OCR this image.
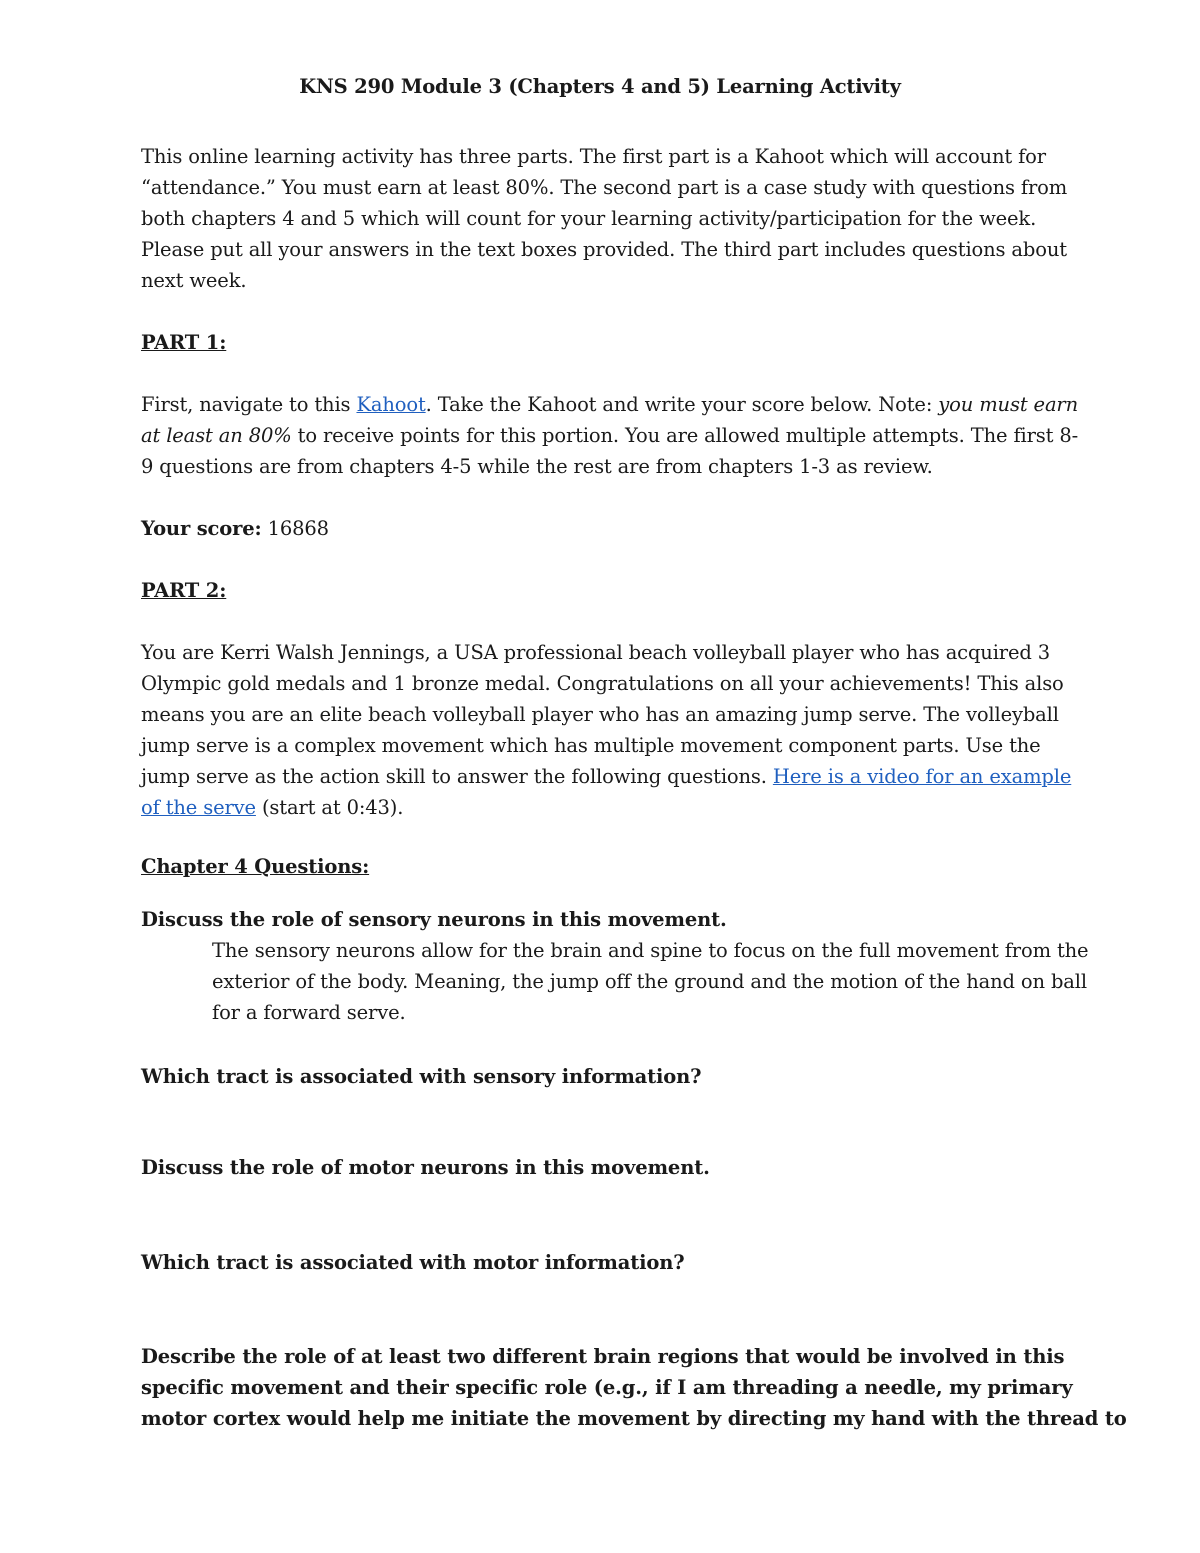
KNS 290 Module 3 (Chapters 4 and 5) Learning Activity

This online learning activity has three parts. The first part is a Kahoot which will account for

“attendance.” You must earn at least 80%. The second part is a case study with questions from

both chapters 4 and 5 which will count for your learning activity/participation for the week.

Please put all your answers in the text boxes provided. The third part includes questions about

next week.

PART 1:

First, navigate to this Kahoot. Take the Kahoot and write your score below. Note: you must earn

at least an 80% to receive points for this portion. You are allowed multiple attempts. The first 8-

9 questions are from chapters 4-5 while the rest are from chapters 1-3 as review.

Your score: 16868

PART 2:

You are Kerri Walsh Jennings, a USA professional beach volleyball player who has acquired 3

Olympic gold medals and 1 bronze medal. Congratulations on all your achievements! This also

means you are an elite beach volleyball player who has an amazing jump serve. The volleyball

jump serve is a complex movement which has multiple movement component parts. Use the

jump serve as the action skill to answer the following questions. Here is a video for an example

of the serve (start at 0:43).

Chapter 4 Questions:

Discuss the role of sensory neurons in this movement.

The sensory neurons allow for the brain and spine to focus on the full movement from the

exterior of the body. Meaning, the jump off the ground and the motion of the hand on ball

for a forward serve.

Which tract is associated with sensory information?

Discuss the role of motor neurons in this movement.

Which tract is associated with motor information?

Describe the role of at least two different brain regions that would be involved in this

specific movement and their specific role (e.g., if I am threading a needle, my primary

motor cortex would help me initiate the movement by directing my hand with the thread to
